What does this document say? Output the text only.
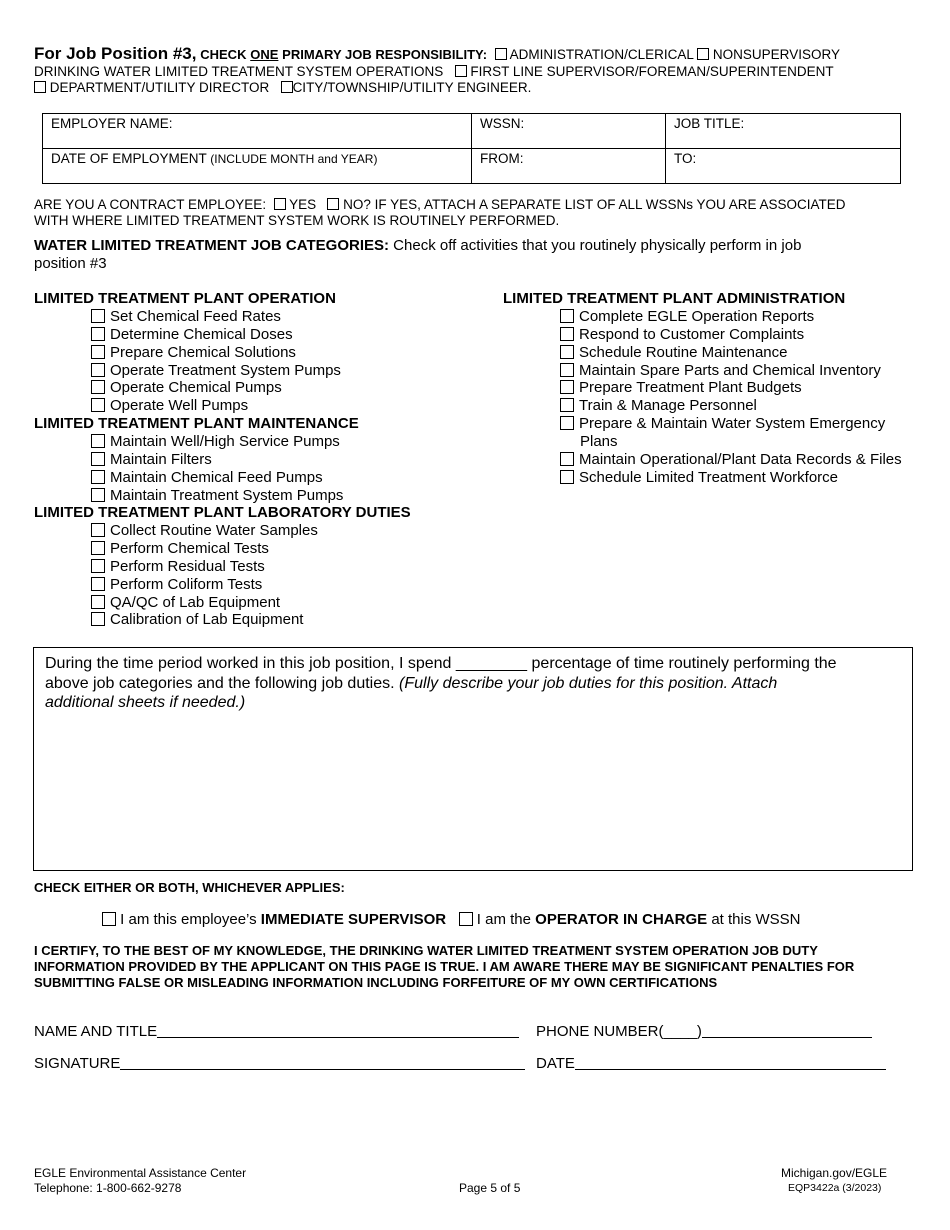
For Job Position #3, CHECK ONE PRIMARY JOB RESPONSIBILITY: ADMINISTRATION/CLERICAL NONSUPERVISORY
DRINKING WATER LIMITED TREATMENT SYSTEM OPERATIONS FIRST LINE SUPERVISOR/FOREMAN/SUPERINTENDENT
DEPARTMENT/UTILITY DIRECTOR CITY/TOWNSHIP/UTILITY ENGINEER.
EMPLOYER NAME:	WSSN:	JOB TITLE:
DATE OF EMPLOYMENT (INCLUDE MONTH and YEAR)	FROM:	TO:
ARE YOU A CONTRACT EMPLOYEE: YES NO? IF YES, ATTACH A SEPARATE LIST OF ALL WSSNs YOU ARE ASSOCIATED
WITH WHERE LIMITED TREATMENT SYSTEM WORK IS ROUTINELY PERFORMED.
WATER LIMITED TREATMENT JOB CATEGORIES: Check off activities that you routinely physically perform in job
position #3
LIMITED TREATMENT PLANT OPERATION
Set Chemical Feed Rates
Determine Chemical Doses
Prepare Chemical Solutions
Operate Treatment System Pumps
Operate Chemical Pumps
Operate Well Pumps
LIMITED TREATMENT PLANT MAINTENANCE
Maintain Well/High Service Pumps
Maintain Filters
Maintain Chemical Feed Pumps
Maintain Treatment System Pumps
LIMITED TREATMENT PLANT LABORATORY DUTIES
Collect Routine Water Samples
Perform Chemical Tests
Perform Residual Tests
Perform Coliform Tests
QA/QC of Lab Equipment
Calibration of Lab Equipment
LIMITED TREATMENT PLANT ADMINISTRATION
Complete EGLE Operation Reports
Respond to Customer Complaints
Schedule Routine Maintenance
Maintain Spare Parts and Chemical Inventory
Prepare Treatment Plant Budgets
Train & Manage Personnel
Prepare & Maintain Water System Emergency
Plans
Maintain Operational/Plant Data Records & Files
Schedule Limited Treatment Workforce
During the time period worked in this job position, I spend ________ percentage of time routinely performing the
above job categories and the following job duties. (Fully describe your job duties for this position. Attach
additional sheets if needed.)
CHECK EITHER OR BOTH, WHICHEVER APPLIES:
I am this employee’s IMMEDIATE SUPERVISOR I am the OPERATOR IN CHARGE at this WSSN
I CERTIFY, TO THE BEST OF MY KNOWLEDGE, THE DRINKING WATER LIMITED TREATMENT SYSTEM OPERATION JOB DUTY INFORMATION PROVIDED BY THE APPLICANT ON THIS PAGE IS TRUE. I AM AWARE THERE MAY BE SIGNIFICANT PENALTIES FOR SUBMITTING FALSE OR MISLEADING INFORMATION INCLUDING FORFEITURE OF MY OWN CERTIFICATIONS
NAME AND TITLE	PHONE NUMBER(____)
SIGNATURE	DATE
EGLE Environmental Assistance Center
Telephone: 1-800-662-9278	Page 5 of 5
Michigan.gov/EGLE
EQP3422a (3/2023)
